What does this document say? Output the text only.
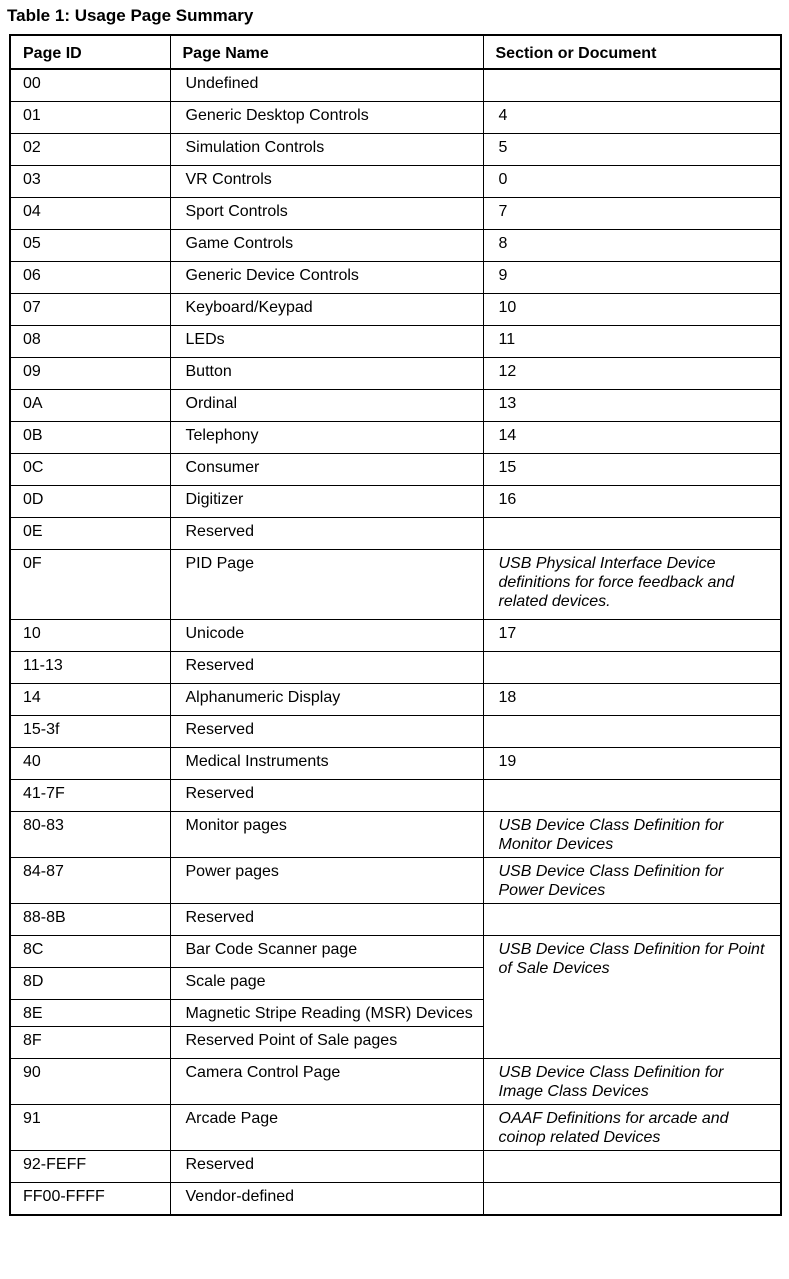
Table 1: Usage Page Summary
Page ID	Page Name	Section or Document
00	Undefined	
01	Generic Desktop Controls	4
02	Simulation Controls	5
03	VR Controls	0
04	Sport Controls	7
05	Game Controls	8
06	Generic Device Controls	9
07	Keyboard/Keypad	10
08	LEDs	11
09	Button	12
0A	Ordinal	13
0B	Telephony	14
0C	Consumer	15
0D	Digitizer	16
0E	Reserved	
0F	PID Page	USB Physical Interface Device definitions for force feedback and related devices.
10	Unicode	17
11-13	Reserved	
14	Alphanumeric Display	18
15-3f	Reserved	
40	Medical Instruments	19
41-7F	Reserved	
80-83	Monitor pages	USB Device Class Definition for Monitor Devices
84-87	Power pages	USB Device Class Definition for Power Devices
88-8B	Reserved	
8C	Bar Code Scanner page	USB Device Class Definition for Point of Sale Devices
8D	Scale page	
8E	Magnetic Stripe Reading (MSR) Devices	
8F	Reserved Point of Sale pages	
90	Camera Control Page	USB Device Class Definition for Image Class Devices
91	Arcade Page	OAAF Definitions for arcade and coinop related Devices
92-FEFF	Reserved	
FF00-FFFF	Vendor-defined	
